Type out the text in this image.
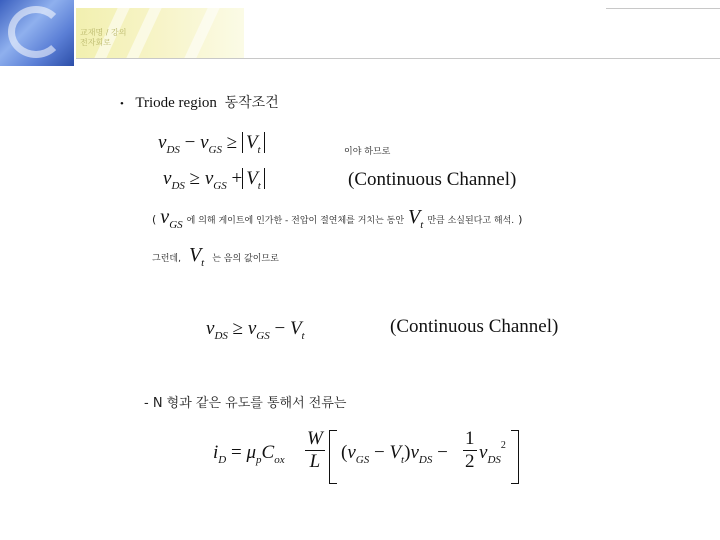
교재명 / 강의
전자회로
• Triode region 동작조건
$v_{DS} - v_{GS} \ge V_t$	이야 하므로
$v_{DS} \ge v_{GS} + V_t$	(Continuous Channel)
( $v_{GS}$ 에 의해 게이트에 인가한 - 전압이 절연체를 거치는 동안 $V_t$ 만큼 소실된다고 해석. )
그런데, $V_t$ 는 음의 값이므로
$v_{DS} \ge v_{GS} - V_t$	(Continuous Channel)
- N 형과 같은 유도를 통해서 전류는
$i_D = \mu_pC_{ox} \frac{W}{L} (v_{GS} - V_t)v_{DS} - \frac{1}{2} v_{DS}^2$
